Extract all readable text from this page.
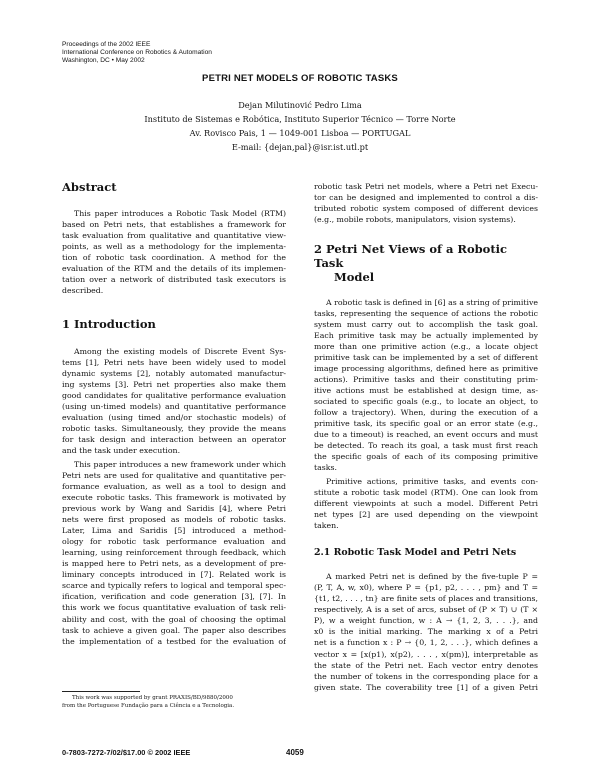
Proceedings of the 2002 IEEE
International Conference on Robotics & Automation
Washington, DC • May 2002
PETRI NET MODELS OF ROBOTIC TASKS
Dejan Milutinović Pedro Lima
Instituto de Sistemas e Robótica, Instituto Superior Técnico — Torre Norte
Av. Rovisco Pais, 1 — 1049-001 Lisboa — PORTUGAL
E-mail: {dejan,pal}@isr.ist.utl.pt
Abstract
This paper introduces a Robotic Task Model (RTM)
based on Petri nets, that establishes a framework for
task evaluation from qualitative and quantitative view-
points, as well as a methodology for the implementa-
tion of robotic task coordination. A method for the
evaluation of the RTM and the details of its implemen-
tation over a network of distributed task executors is
described.
1 Introduction
Among the existing models of Discrete Event Sys-
tems [1], Petri nets have been widely used to model
dynamic systems [2], notably automated manufactur-
ing systems [3]. Petri net properties also make them
good candidates for qualitative performance evaluation
(using un-timed models) and quantitative performance
evaluation (using timed and/or stochastic models) of
robotic tasks. Simultaneously, they provide the means
for task design and interaction between an operator
and the task under execution.
This paper introduces a new framework under which
Petri nets are used for qualitative and quantitative per-
formance evaluation, as well as a tool to design and
execute robotic tasks. This framework is motivated by
previous work by Wang and Saridis [4], where Petri
nets were first proposed as models of robotic tasks.
Later, Lima and Saridis [5] introduced a method-
ology for robotic task performance evaluation and
learning, using reinforcement through feedback, which
is mapped here to Petri nets, as a development of pre-
liminary concepts introduced in [7]. Related work is
scarce and typically refers to logical and temporal spec-
ification, verification and code generation [3], [7]. In
this work we focus quantitative evaluation of task reli-
ability and cost, with the goal of choosing the optimal
task to achieve a given goal. The paper also describes
the implementation of a testbed for the evaluation of
This work was supported by grant PRAXIS/BD/9880/2000
from the Portuguese Fundação para a Ciência e a Tecnologia.
robotic task Petri net models, where a Petri net Execu-
tor can be designed and implemented to control a dis-
tributed robotic system composed of different devices
(e.g., mobile robots, manipulators, vision systems).
2 Petri Net Views of a Robotic Task
Model
A robotic task is defined in [6] as a string of primitive
tasks, representing the sequence of actions the robotic
system must carry out to accomplish the task goal.
Each primitive task may be actually implemented by
more than one primitive action (e.g., a locate object
primitive task can be implemented by a set of different
image processing algorithms, defined here as primitive
actions). Primitive tasks and their constituting prim-
itive actions must be established at design time, as-
sociated to specific goals (e.g., to locate an object, to
follow a trajectory). When, during the execution of a
primitive task, its specific goal or an error state (e.g.,
due to a timeout) is reached, an event occurs and must
be detected. To reach its goal, a task must first reach
the specific goals of each of its composing primitive
tasks.
Primitive actions, primitive tasks, and events con-
stitute a robotic task model (RTM). One can look from
different viewpoints at such a model. Different Petri
net types [2] are used depending on the viewpoint
taken.
2.1 Robotic Task Model and Petri Nets
A marked Petri net is defined by the five-tuple P =
(P, T, A, w, x0), where P = {p1, p2, . . . , pm} and T =
{t1, t2, . . . , tn} are finite sets of places and transitions,
respectively, A is a set of arcs, subset of (P × T) ∪ (T ×
P), w a weight function, w : A → {1, 2, 3, . . .}, and
x0 is the initial marking. The marking x of a Petri
net is a function x : P → {0, 1, 2, . . .}, which defines a
vector x = [x(p1), x(p2), . . . , x(pm)], interpretable as
the state of the Petri net. Each vector entry denotes
the number of tokens in the corresponding place for a
given state. The coverability tree [1] of a given Petri
0-7803-7272-7/02/$17.00 © 2002 IEEE	4059
